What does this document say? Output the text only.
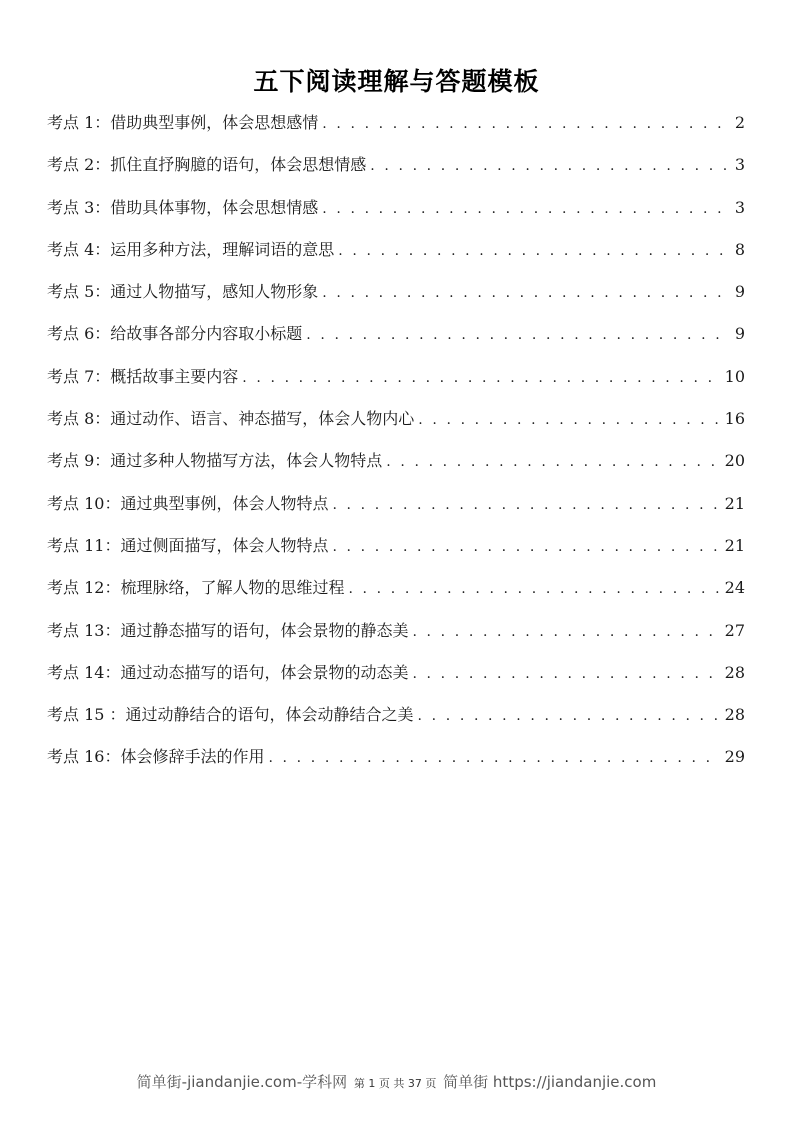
五下阅读理解与答题模板
考点 1：借助典型事例，体会思想感情 . . .	2
考点 2：抓住直抒胸臆的语句，体会思想情感 . . .	3
考点 3：借助具体事物，体会思想情感 . . .	3
考点 4：运用多种方法，理解词语的意思 . . .	8
考点 5：通过人物描写，感知人物形象 . . .	9
考点 6：给故事各部分内容取小标题 . . .	9
考点 7：概括故事主要内容 . . .	10
考点 8：通过动作、语言、神态描写，体会人物内心 . . .	16
考点 9：通过多种人物描写方法，体会人物特点 . . .	20
考点 10：通过典型事例，体会人物特点 . . .	21
考点 11：通过侧面描写，体会人物特点 . . .	21
考点 12：梳理脉络，了解人物的思维过程 . . .	24
考点 13：通过静态描写的语句，体会景物的静态美 . . .	27
考点 14：通过动态描写的语句，体会景物的动态美 . . .	28
考点 15 ：通过动静结合的语句，体会动静结合之美 . . .	28
考点 16：体会修辞手法的作用 . . .	29
简单街-jiandanjie.com-学科网 第 1 页 共 37 页 简单街 https://jiandanjie.com
